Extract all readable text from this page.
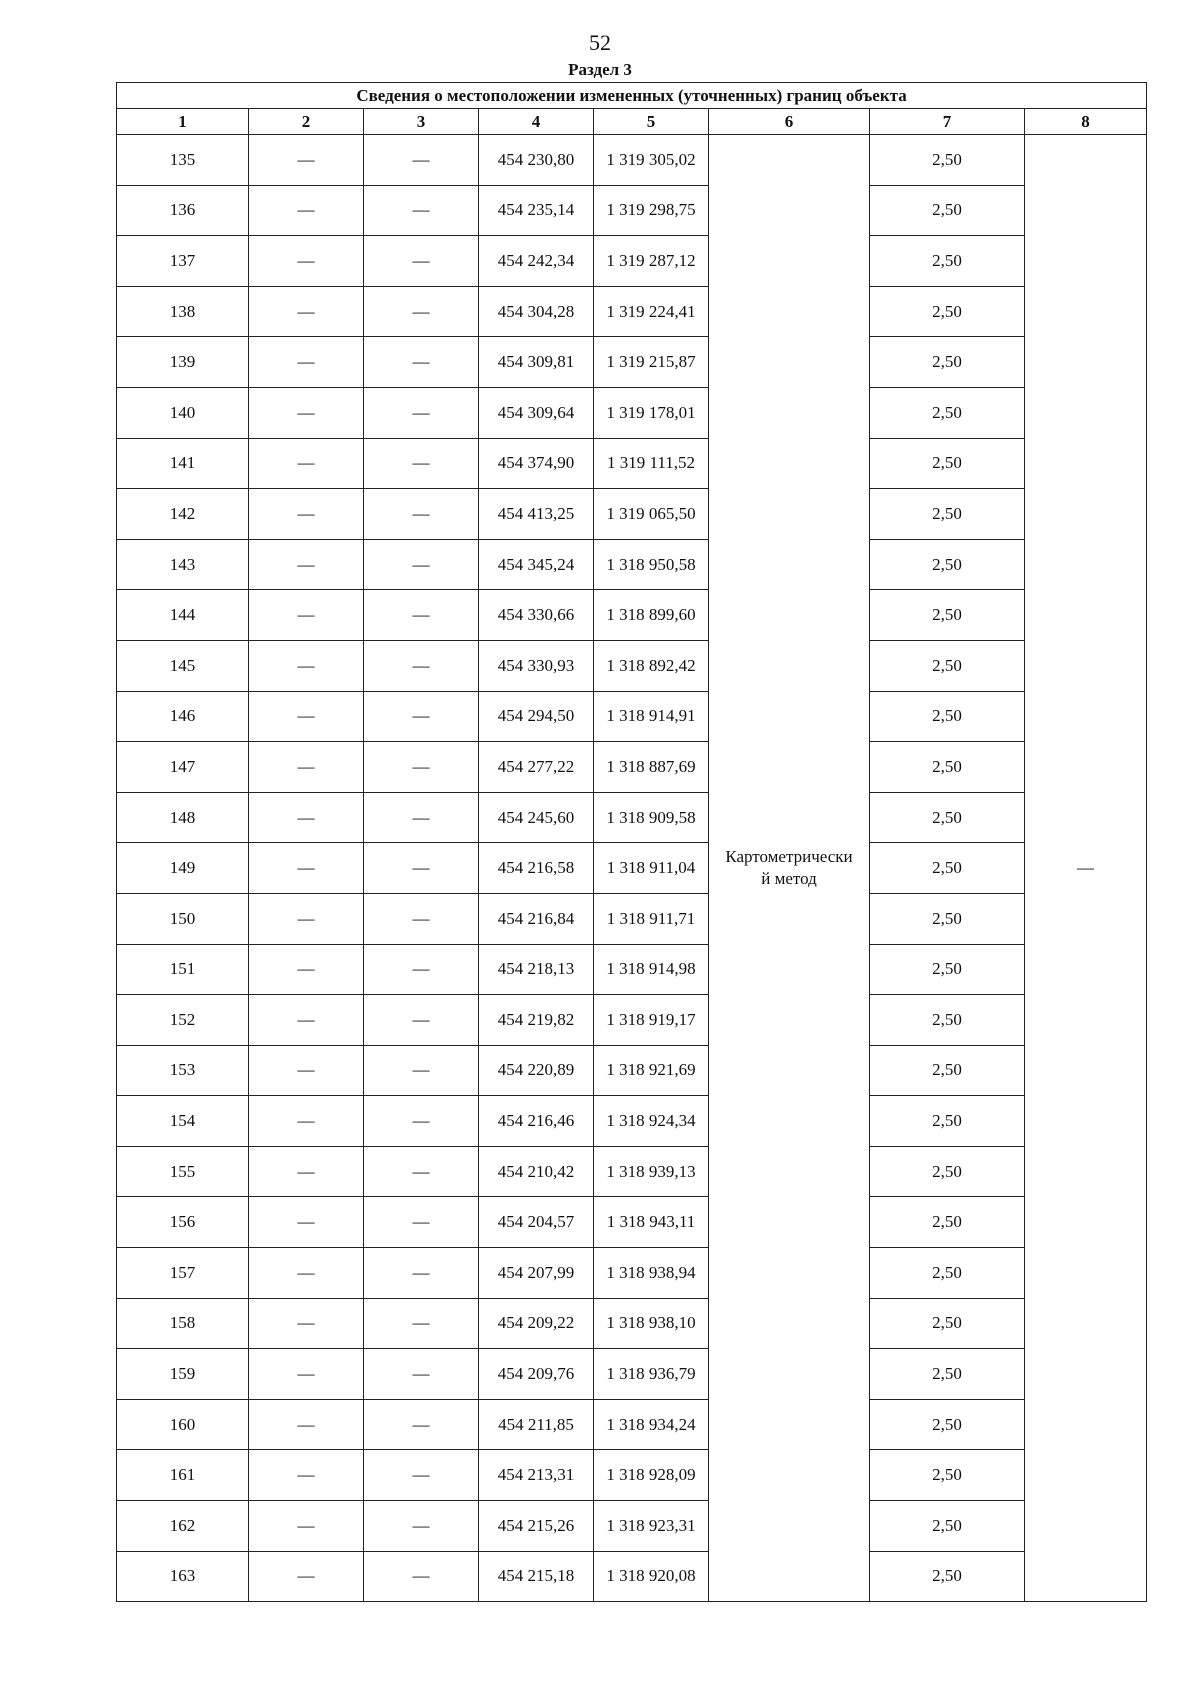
52
Раздел 3
Сведения о местоположении измененных (уточненных) границ объекта							
1	2	3	4	5	6	7	8
135	—	—	454 230,80	1 319 305,02	Картометрически
й метод	2,50	—
136	—	—	454 235,14	1 319 298,75		2,50	
137	—	—	454 242,34	1 319 287,12		2,50	
138	—	—	454 304,28	1 319 224,41		2,50	
139	—	—	454 309,81	1 319 215,87		2,50	
140	—	—	454 309,64	1 319 178,01		2,50	
141	—	—	454 374,90	1 319 111,52		2,50	
142	—	—	454 413,25	1 319 065,50		2,50	
143	—	—	454 345,24	1 318 950,58		2,50	
144	—	—	454 330,66	1 318 899,60		2,50	
145	—	—	454 330,93	1 318 892,42		2,50	
146	—	—	454 294,50	1 318 914,91		2,50	
147	—	—	454 277,22	1 318 887,69		2,50	
148	—	—	454 245,60	1 318 909,58		2,50	
149	—	—	454 216,58	1 318 911,04		2,50	
150	—	—	454 216,84	1 318 911,71		2,50	
151	—	—	454 218,13	1 318 914,98		2,50	
152	—	—	454 219,82	1 318 919,17		2,50	
153	—	—	454 220,89	1 318 921,69		2,50	
154	—	—	454 216,46	1 318 924,34		2,50	
155	—	—	454 210,42	1 318 939,13		2,50	
156	—	—	454 204,57	1 318 943,11		2,50	
157	—	—	454 207,99	1 318 938,94		2,50	
158	—	—	454 209,22	1 318 938,10		2,50	
159	—	—	454 209,76	1 318 936,79		2,50	
160	—	—	454 211,85	1 318 934,24		2,50	
161	—	—	454 213,31	1 318 928,09		2,50	
162	—	—	454 215,26	1 318 923,31		2,50	
163	—	—	454 215,18	1 318 920,08		2,50	
